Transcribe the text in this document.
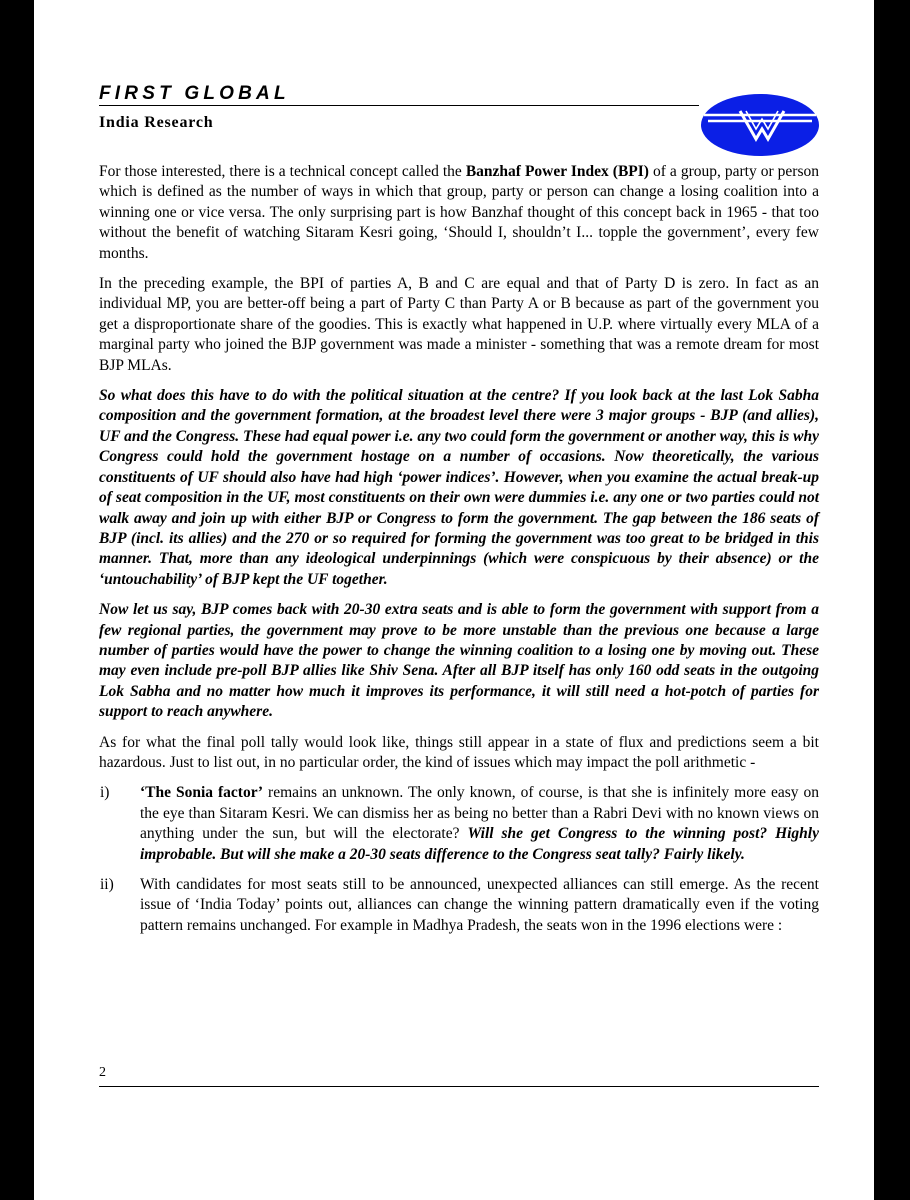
FIRST GLOBAL
India Research

For those interested, there is a technical concept called the Banzhaf Power Index (BPI) of a group, party or person which is defined as the number of ways in which that group, party or person can change a losing coalition into a winning one or vice versa. The only surprising part is how Banzhaf thought of this concept back in 1965 - that too without the benefit of watching Sitaram Kesri going, ‘Should I, shouldn’t I... topple the government’, every few months.

In the preceding example, the BPI of parties A, B and C are equal and that of Party D is zero. In fact as an individual MP, you are better-off being a part of Party C than Party A or B because as part of the government you get a disproportionate share of the goodies. This is exactly what happened in U.P. where virtually every MLA of a marginal party who joined the BJP government was made a minister - something that was a remote dream for most BJP MLAs.

So what does this have to do with the political situation at the centre? If you look back at the last Lok Sabha composition and the government formation, at the broadest level there were 3 major groups - BJP (and allies), UF and the Congress. These had equal power i.e. any two could form the government or another way, this is why Congress could hold the government hostage on a number of occasions. Now theoretically, the various constituents of UF should also have had high ‘power indices’. However, when you examine the actual break-up of seat composition in the UF, most constituents on their own were dummies i.e. any one or two parties could not walk away and join up with either BJP or Congress to form the government. The gap between the 186 seats of BJP (incl. its allies) and the 270 or so required for forming the government was too great to be bridged in this manner. That, more than any ideological underpinnings (which were conspicuous by their absence) or the ‘untouchability’ of BJP kept the UF together.

Now let us say, BJP comes back with 20-30 extra seats and is able to form the government with support from a few regional parties, the government may prove to be more unstable than the previous one because a large number of parties would have the power to change the winning coalition to a losing one by moving out. These may even include pre-poll BJP allies like Shiv Sena. After all BJP itself has only 160 odd seats in the outgoing Lok Sabha and no matter how much it improves its performance, it will still need a hot-potch of parties for support to reach anywhere.

As for what the final poll tally would look like, things still appear in a state of flux and predictions seem a bit hazardous. Just to list out, in no particular order, the kind of issues which may impact the poll arithmetic -

i) ‘The Sonia factor’ remains an unknown. The only known, of course, is that she is infinitely more easy on the eye than Sitaram Kesri. We can dismiss her as being no better than a Rabri Devi with no known views on anything under the sun, but will the electorate? Will she get Congress to the winning post? Highly improbable. But will she make a 20-30 seats difference to the Congress seat tally? Fairly likely.
ii) With candidates for most seats still to be announced, unexpected alliances can still emerge. As the recent issue of ‘India Today’ points out, alliances can change the winning pattern dramatically even if the voting pattern remains unchanged. For example in Madhya Pradesh, the seats won in the 1996 elections were :
2
